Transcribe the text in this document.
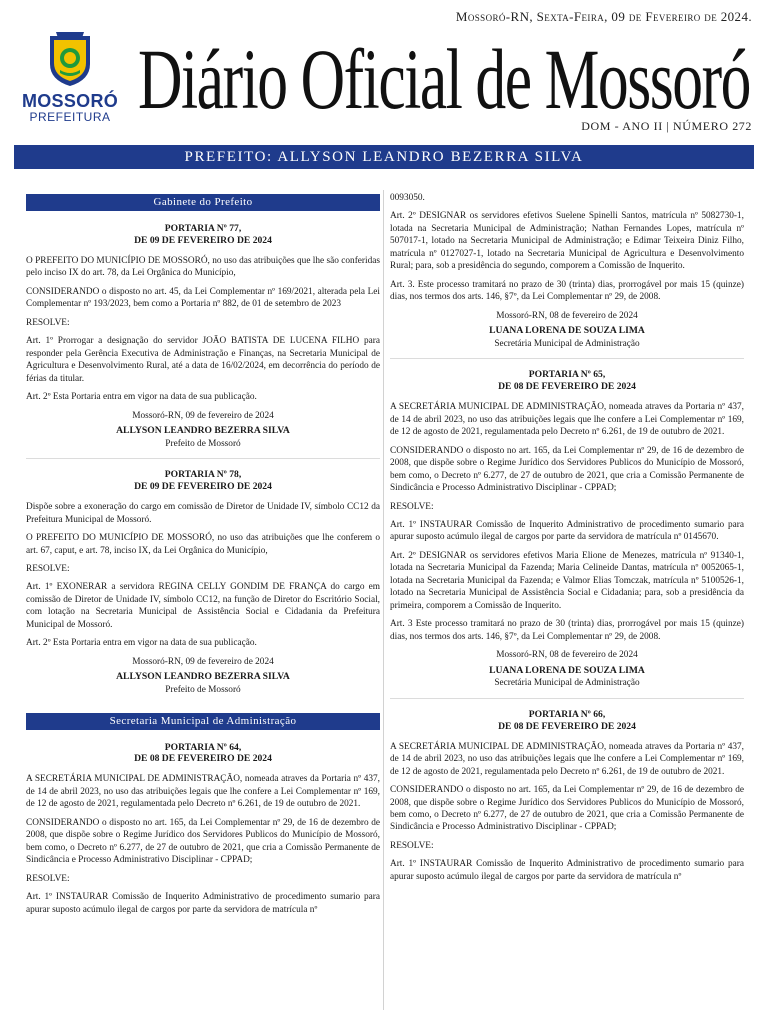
MOSSORÓ
PREFEITURA
Mossoró-RN, Sexta-Feira, 09 de Fevereiro de 2024.
Diário Oficial de Mossoró
DOM - ANO II | NÚMERO 272
PREFEITO: ALLYSON LEANDRO BEZERRA SILVA
Gabinete do Prefeito
PORTARIA Nº 77,
DE 09 DE FEVEREIRO DE 2024

O PREFEITO DO MUNICÍPIO DE MOSSORÓ, no uso das atribuições que lhe são conferidas pelo inciso IX do art. 78, da Lei Orgânica do Município,

CONSIDERANDO o disposto no art. 45, da Lei Complementar nº 169/2021, alterada pela Lei Complementar nº 193/2023, bem como a Portaria nº 882, de 01 de setembro de 2023

RESOLVE:

Art. 1º Prorrogar a designação do servidor JOÃO BATISTA DE LUCENA FILHO para responder pela Gerência Executiva de Administração e Finanças, na Secretaria Municipal de Agricultura e Desenvolvimento Rural, até a data de 16/02/2024, em decorrência do período de férias da titular.

Art. 2º Esta Portaria entra em vigor na data de sua publicação.

Mossoró-RN, 09 de fevereiro de 2024

ALLYSON LEANDRO BEZERRA SILVA

Prefeito de Mossoró

PORTARIA Nº 78,
DE 09 DE FEVEREIRO DE 2024

Dispõe sobre a exoneração do cargo em comissão de Diretor de Unidade IV, símbolo CC12 da Prefeitura Municipal de Mossoró.

O PREFEITO DO MUNICÍPIO DE MOSSORÓ, no uso das atribuições que lhe conferem o art. 67, caput, e art. 78, inciso IX, da Lei Orgânica do Município,

RESOLVE:

Art. 1º EXONERAR a servidora REGINA CELLY GONDIM DE FRANÇA do cargo em comissão de Diretor de Unidade IV, símbolo CC12, na função de Diretor do Escritório Social, com lotação na Secretaria Municipal de Assistência Social e Cidadania da Prefeitura Municipal de Mossoró.

Art. 2º Esta Portaria entra em vigor na data de sua publicação.

Mossoró-RN, 09 de fevereiro de 2024

ALLYSON LEANDRO BEZERRA SILVA

Prefeito de Mossoró

Secretaria Municipal de Administração
PORTARIA Nº 64,
DE 08 DE FEVEREIRO DE 2024

A SECRETÁRIA MUNICIPAL DE ADMINISTRAÇÃO, nomeada atraves da Portaria nº 437, de 14 de abril 2023, no uso das atribuições legais que lhe confere a Lei Complementar nº 169, de 12 de agosto de 2021, regulamentada pelo Decreto nº 6.261, de 19 de outubro de 2021.

CONSIDERANDO o disposto no art. 165, da Lei Complementar nº 29, de 16 de dezembro de 2008, que dispõe sobre o Regime Jurídico dos Servidores Publicos do Município de Mossoró, bem como, o Decreto nº 6.277, de 27 de outubro de 2021, que cria a Comissão Permanente de Sindicância e Processo Administrativo Disciplinar - CPPAD;

RESOLVE:

Art. 1º INSTAURAR Comissão de Inquerito Administrativo de procedimento sumario para apurar suposto acúmulo ilegal de cargos por parte da servidora de matrícula nº

0093050.

Art. 2º DESIGNAR os servidores efetivos Suelene Spinelli Santos, matrícula nº 5082730-1, lotada na Secretaria Municipal de Administração; Nathan Fernandes Lopes, matrícula nº 507017-1, lotado na Secretaria Municipal de Administração; e Edimar Teixeira Diniz Filho, matrícula nº 0127027-1, lotado na Secretaria Municipal de Agricultura e Desenvolvimento Rural; para, sob a presidência do segundo, comporem a Comissão de Inquerito.

Art. 3. Este processo tramitará no prazo de 30 (trinta) dias, prorrogável por mais 15 (quinze) dias, nos termos dos arts. 146, §7º, da Lei Complementar nº 29, de 2008.

Mossoró-RN, 08 de fevereiro de 2024

LUANA LORENA DE SOUZA LIMA

Secretária Municipal de Administração

PORTARIA Nº 65,
DE 08 DE FEVEREIRO DE 2024

A SECRETÁRIA MUNICIPAL DE ADMINISTRAÇÃO, nomeada atraves da Portaria nº 437, de 14 de abril 2023, no uso das atribuições legais que lhe confere a Lei Complementar nº 169, de 12 de agosto de 2021, regulamentada pelo Decreto nº 6.261, de 19 de outubro de 2021.

CONSIDERANDO o disposto no art. 165, da Lei Complementar nº 29, de 16 de dezembro de 2008, que dispõe sobre o Regime Jurídico dos Servidores Publicos do Município de Mossoró, bem como, o Decreto nº 6.277, de 27 de outubro de 2021, que cria a Comissão Permanente de Sindicância e Processo Administrativo Disciplinar - CPPAD;

RESOLVE:

Art. 1º INSTAURAR Comissão de Inquerito Administrativo de procedimento sumario para apurar suposto acúmulo ilegal de cargos por parte da servidora de matrícula nº 0145670.

Art. 2º DESIGNAR os servidores efetivos Maria Elione de Menezes, matrícula nº 91340-1, lotada na Secretaria Municipal da Fazenda; Maria Celineide Dantas, matrícula nº 0052065-1, lotada na Secretaria Municipal da Fazenda; e Valmor Elias Tomczak, matrícula nº 5100526-1, lotado na Secretaria Municipal de Assistência Social e Cidadania; para, sob a presidência da primeira, comporem a Comissão de Inquerito.

Art. 3 Este processo tramitará no prazo de 30 (trinta) dias, prorrogável por mais 15 (quinze) dias, nos termos dos arts. 146, §7º, da Lei Complementar nº 29, de 2008.

Mossoró-RN, 08 de fevereiro de 2024

LUANA LORENA DE SOUZA LIMA

Secretária Municipal de Administração

PORTARIA Nº 66,
DE 08 DE FEVEREIRO DE 2024

A SECRETÁRIA MUNICIPAL DE ADMINISTRAÇÃO, nomeada atraves da Portaria nº 437, de 14 de abril 2023, no uso das atribuições legais que lhe confere a Lei Complementar nº 169, de 12 de agosto de 2021, regulamentada pelo Decreto nº 6.261, de 19 de outubro de 2021.

CONSIDERANDO o disposto no art. 165, da Lei Complementar nº 29, de 16 de dezembro de 2008, que dispõe sobre o Regime Jurídico dos Servidores Publicos do Município de Mossoró, bem como, o Decreto nº 6.277, de 27 de outubro de 2021, que cria a Comissão Permanente de Sindicância e Processo Administrativo Disciplinar - CPPAD;

RESOLVE:

Art. 1º INSTAURAR Comissão de Inquerito Administrativo de procedimento sumario para apurar suposto acúmulo ilegal de cargos por parte da servidora de matrícula nº
